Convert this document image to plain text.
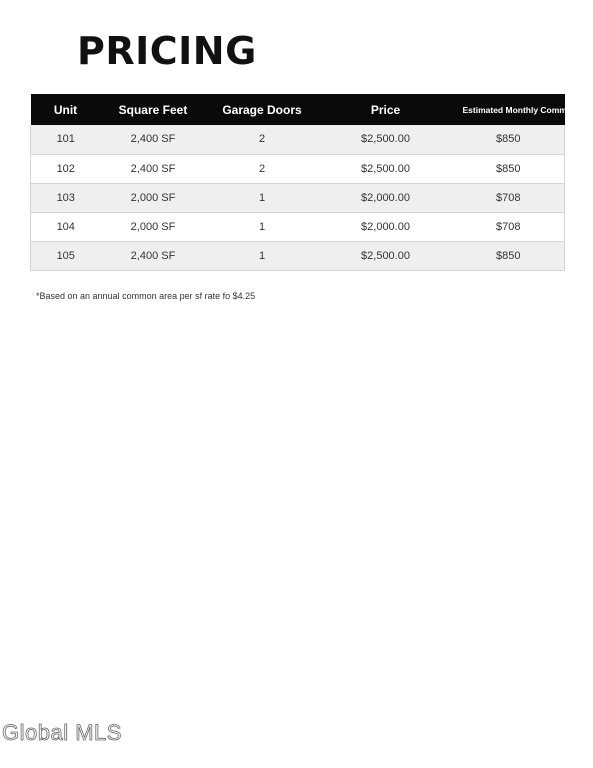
PRICING
Unit	Square Feet	Garage Doors	Price	Estimated Monthly Common
101	2,400 SF	2	$2,500.00	$850
102	2,400 SF	2	$2,500.00	$850
103	2,000 SF	1	$2,000.00	$708
104	2,000 SF	1	$2,000.00	$708
105	2,400 SF	1	$2,500.00	$850

*Based on an annual common area per sf rate fo $4.25

Global MLS
